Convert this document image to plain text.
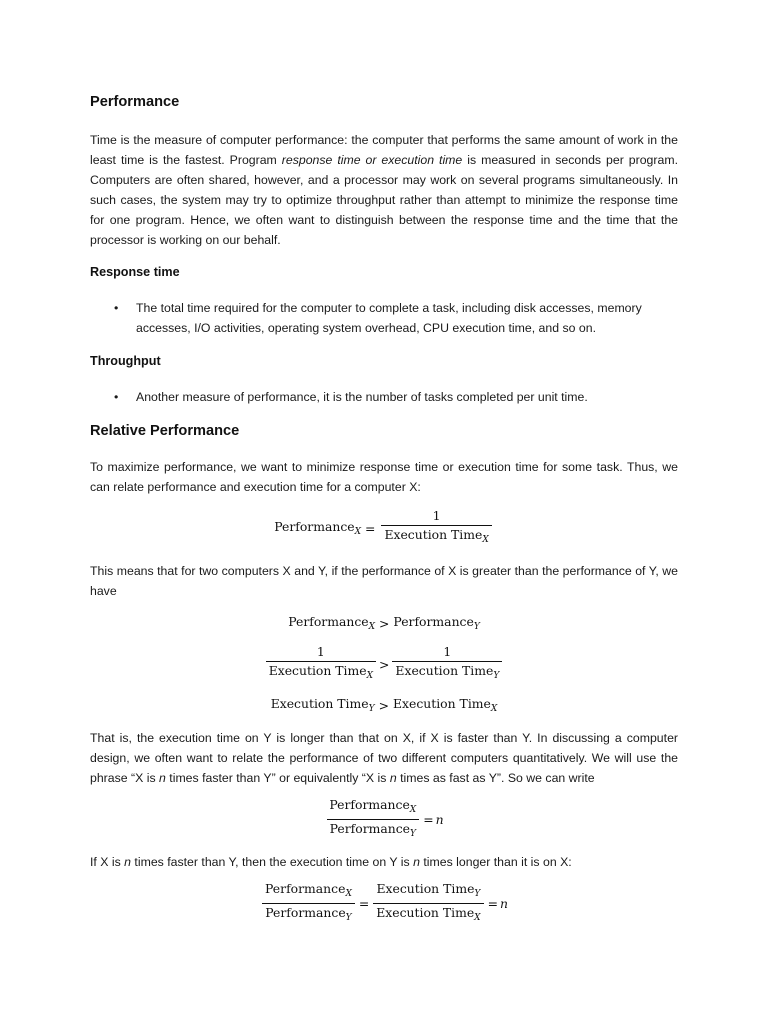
Performance

Time is the measure of computer performance: the computer that performs the same amount of work in the least time is the fastest. Program response time or execution time is measured in seconds per program. Computers are often shared, however, and a processor may work on several programs simultaneously. In such cases, the system may try to optimize throughput rather than attempt to minimize the response time for one program. Hence, we often want to distinguish between the response time and the time that the processor is working on our behalf.

Response time
• The total time required for the computer to complete a task, including disk accesses, memory accesses, I/O activities, operating system overhead, CPU execution time, and so on.
Throughput
• Another measure of performance, it is the number of tasks completed per unit time.
Relative Performance

To maximize performance, we want to minimize response time or execution time for some task. Thus, we can relate performance and execution time for a computer X:

Performance$_X$ = $\frac{1}{Execution Time_X}$

This means that for two computers X and Y, if the performance of X is greater than the performance of Y, we have

Performance$_X$ > Performance$_Y$
$\frac{1}{Execution Time_X} > \frac{1}{Execution Time_Y}$
Execution Time$_Y$ > Execution Time$_X$

That is, the execution time on Y is longer than that on X, if X is faster than Y. In discussing a computer design, we often want to relate the performance of two different computers quantitatively. We will use the phrase “X is n times faster than Y” or equivalently “X is n times as fast as Y”. So we can write

$\frac{Performance_X}{Performance_Y} = n$

If X is n times faster than Y, then the execution time on Y is n times longer than it is on X:

$\frac{Performance_X}{Performance_Y} = \frac{Execution Time_Y}{Execution Time_X} = n$
